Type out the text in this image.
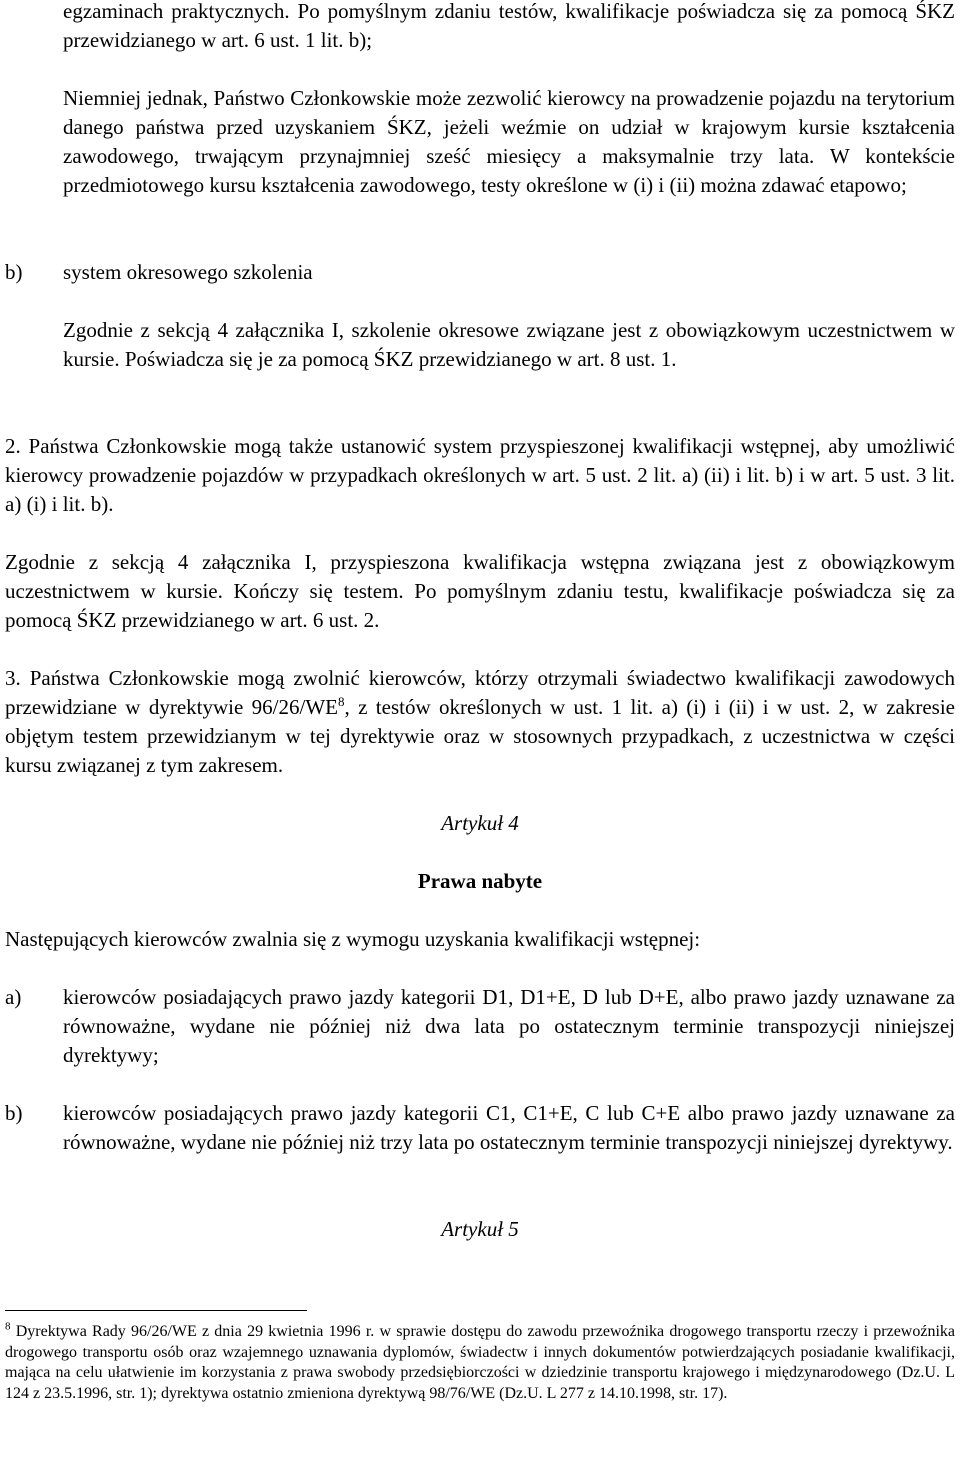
egzaminach praktycznych. Po pomyślnym zdaniu testów, kwalifikacje poświadcza się za pomocą ŚKZ przewidzianego w art. 6 ust. 1 lit. b);

Niemniej jednak, Państwo Członkowskie może zezwolić kierowcy na prowadzenie pojazdu na terytorium danego państwa przed uzyskaniem ŚKZ, jeżeli weźmie on udział w krajowym kursie kształcenia zawodowego, trwającym przynajmniej sześć miesięcy a maksymalnie trzy lata. W kontekście przedmiotowego kursu kształcenia zawodowego, testy określone w (i) i (ii) można zdawać etapowo;

b) system okresowego szkolenia

Zgodnie z sekcją 4 załącznika I, szkolenie okresowe związane jest z obowiązkowym uczestnictwem w kursie. Poświadcza się je za pomocą ŚKZ przewidzianego w art. 8 ust. 1.

2. Państwa Członkowskie mogą także ustanowić system przyspieszonej kwalifikacji wstępnej, aby umożliwić kierowcy prowadzenie pojazdów w przypadkach określonych w art. 5 ust. 2 lit. a) (ii) i lit. b) i w art. 5 ust. 3 lit. a) (i) i lit. b).

Zgodnie z sekcją 4 załącznika I, przyspieszona kwalifikacja wstępna związana jest z obowiązkowym uczestnictwem w kursie. Kończy się testem. Po pomyślnym zdaniu testu, kwalifikacje poświadcza się za pomocą ŚKZ przewidzianego w art. 6 ust. 2.

3. Państwa Członkowskie mogą zwolnić kierowców, którzy otrzymali świadectwo kwalifikacji zawodowych przewidziane w dyrektywie $96/26/WE^8$, z testów określonych w ust. 1 lit. a) (i) i (ii) i w ust. 2, w zakresie objętym testem przewidzianym w tej dyrektywie oraz w stosownych przypadkach, z uczestnictwa w części kursu związanej z tym zakresem.

Artykuł 4

Prawa nabyte

Następujących kierowców zwalnia się z wymogu uzyskania kwalifikacji wstępnej:

a) kierowców posiadających prawo jazdy kategorii D1, D1+E, D lub D+E, albo prawo jazdy uznawane za równoważne, wydane nie później niż dwa lata po ostatecznym terminie transpozycji niniejszej dyrektywy;

b) kierowców posiadających prawo jazdy kategorii C1, C1+E, C lub C+E albo prawo jazdy uznawane za równoważne, wydane nie później niż trzy lata po ostatecznym terminie transpozycji niniejszej dyrektywy.

Artykuł 5

$^8$ Dyrektywa Rady 96/26/WE z dnia 29 kwietnia 1996 r. w sprawie dostępu do zawodu przewoźnika drogowego transportu rzeczy i przewoźnika drogowego transportu osób oraz wzajemnego uznawania dyplomów, świadectw i innych dokumentów potwierdzających posiadanie kwalifikacji, mająca na celu ułatwienie im korzystania z prawa swobody przedsiębiorczości w dziedzinie transportu krajowego i międzynarodowego (Dz.U. L 124 z 23.5.1996, str. 1); dyrektywa ostatnio zmieniona dyrektywą 98/76/WE (Dz.U. L 277 z 14.10.1998, str. 17).
